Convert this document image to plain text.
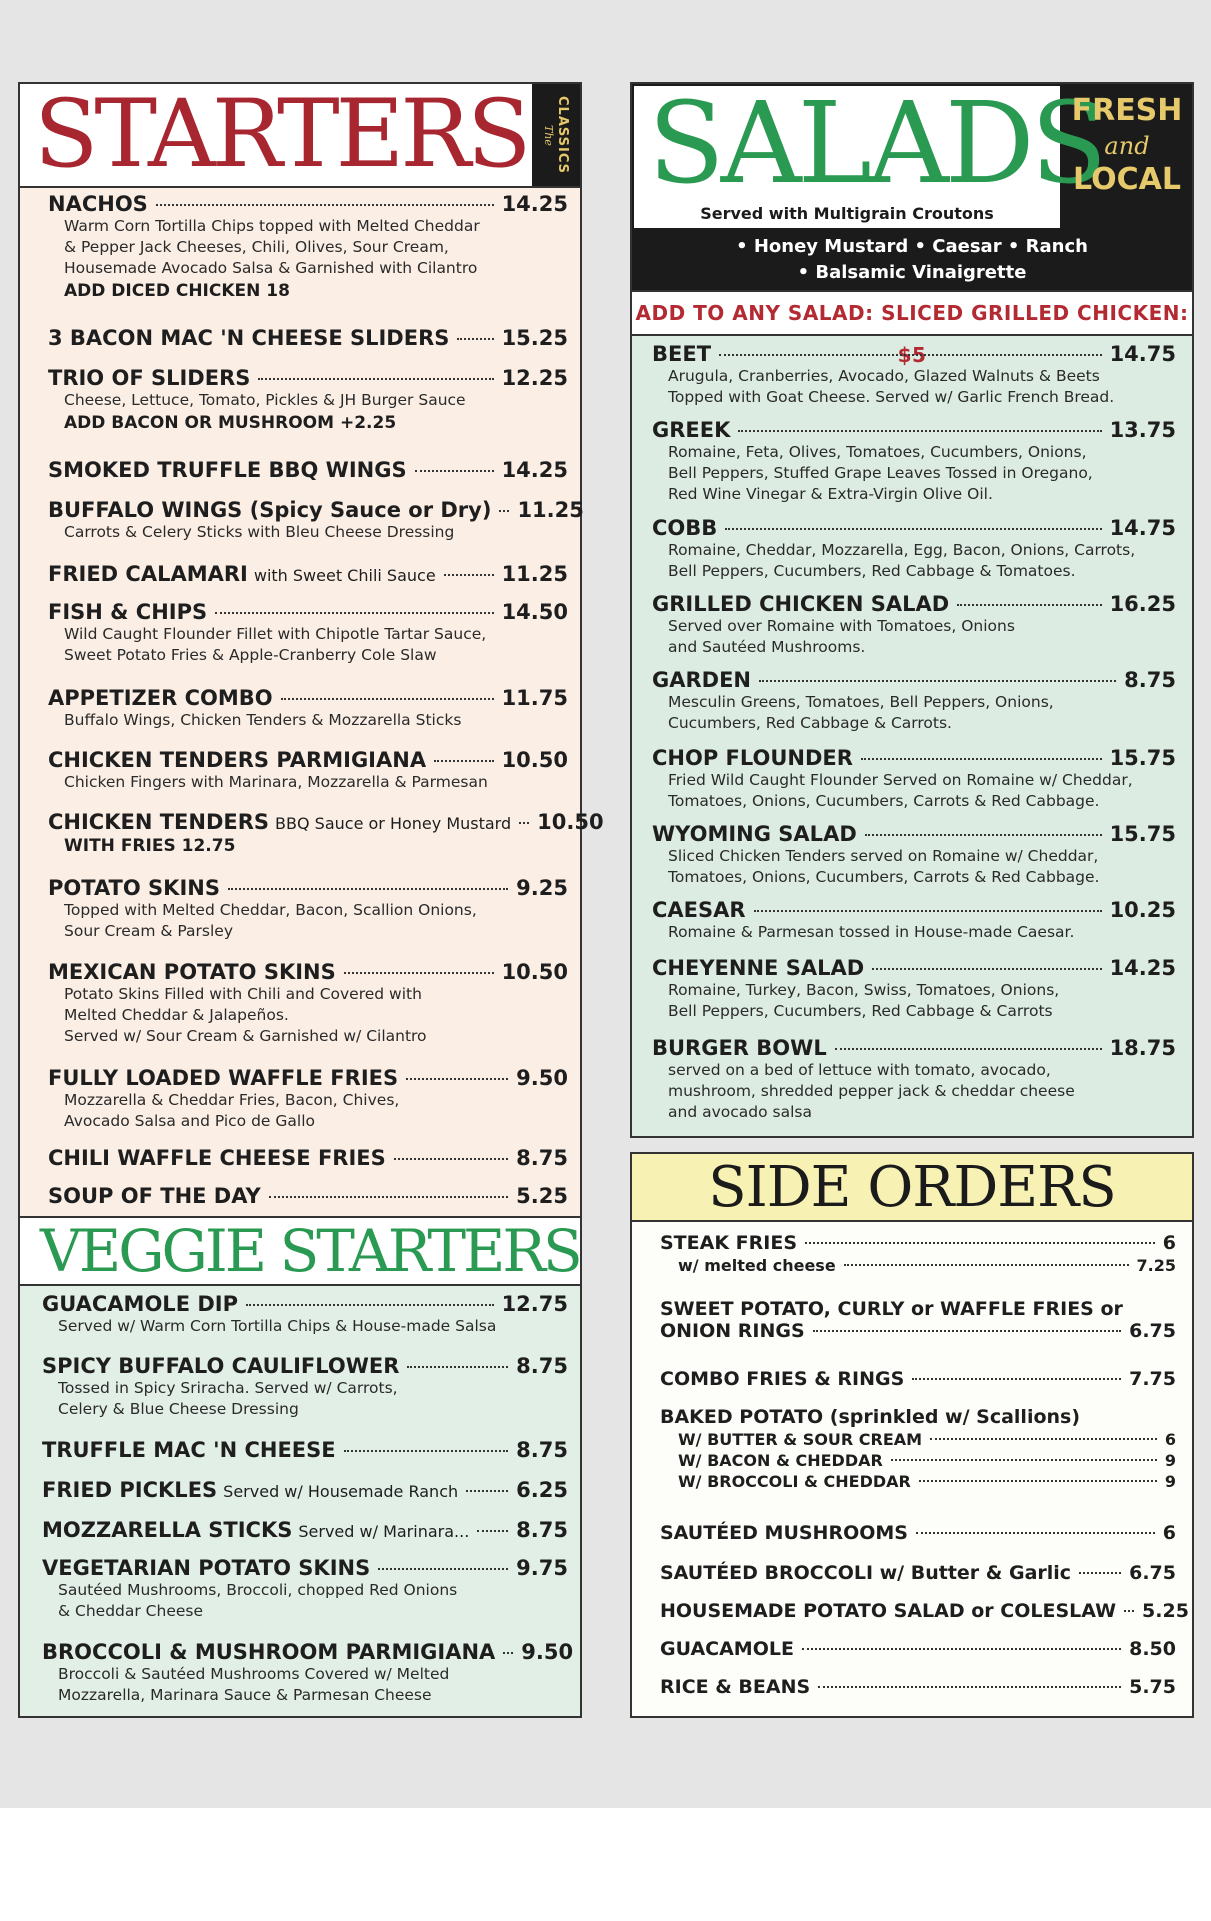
STARTERS The CLASSICS
NACHOS	14.25
Warm Corn Tortilla Chips topped with Melted Cheddar
& Pepper Jack Cheeses, Chili, Olives, Sour Cream,
Housemade Avocado Salsa & Garnished with Cilantro
ADD DICED CHICKEN 18
3 BACON MAC 'N CHEESE SLIDERS 15.25
TRIO OF SLIDERS	12.25
Cheese, Lettuce, Tomato, Pickles & JH Burger Sauce
ADD BACON OR MUSHROOM +2.25
SMOKED TRUFFLE BBQ WINGS	14.25
BUFFALO WINGS (Spicy Sauce or Dry) 11.25
Carrots & Celery Sticks with Bleu Cheese Dressing
FRIED CALAMARI with Sweet Chili Sauce	11.25
FISH & CHIPS	14.50
Wild Caught Flounder Fillet with Chipotle Tartar Sauce,
Sweet Potato Fries & Apple-Cranberry Cole Slaw
APPETIZER COMBO	11.75
Buffalo Wings, Chicken Tenders & Mozzarella Sticks
CHICKEN TENDERS PARMIGIANA	10.50
Chicken Fingers with Marinara, Mozzarella & Parmesan
CHICKEN TENDERS BBQ Sauce or Honey Mustard 10.50
WITH FRIES 12.75
POTATO SKINS	9.25
Topped with Melted Cheddar, Bacon, Scallion Onions,
Sour Cream & Parsley
MEXICAN POTATO SKINS	10.50
Potato Skins Filled with Chili and Covered with
Melted Cheddar & Jalapeños.
Served w/ Sour Cream & Garnished w/ Cilantro
FULLY LOADED WAFFLE FRIES	9.50
Mozzarella & Cheddar Fries, Bacon, Chives,
Avocado Salsa and Pico de Gallo
CHILI WAFFLE CHEESE FRIES	8.75
SOUP OF THE DAY	5.25
VEGGIE STARTERS
GUACAMOLE DIP	12.75
Served w/ Warm Corn Tortilla Chips & House-made Salsa
SPICY BUFFALO CAULIFLOWER	8.75
Tossed in Spicy Sriracha. Served w/ Carrots,
Celery & Blue Cheese Dressing
TRUFFLE MAC 'N CHEESE	8.75
FRIED PICKLES Served w/ Housemade Ranch	6.25
MOZZARELLA STICKS Served w/ Marinara... 8.75
VEGETARIAN POTATO SKINS	9.75
Sautéed Mushrooms, Broccoli, chopped Red Onions
& Cheddar Cheese
BROCCOLI & MUSHROOM PARMIGIANA 9.50
Broccoli & Sautéed Mushrooms Covered w/ Melted
Mozzarella, Marinara Sauce & Parmesan Cheese
SALADS
Served with Multigrain Croutons
FRESH
and
LOCAL
• Honey Mustard • Caesar • Ranch
• Balsamic Vinaigrette
ADD TO ANY SALAD: SLICED GRILLED CHICKEN: $5
BEET	14.75
Arugula, Cranberries, Avocado, Glazed Walnuts & Beets
Topped with Goat Cheese. Served w/ Garlic French Bread.
GREEK	13.75
Romaine, Feta, Olives, Tomatoes, Cucumbers, Onions,
Bell Peppers, Stuffed Grape Leaves Tossed in Oregano,
Red Wine Vinegar & Extra-Virgin Olive Oil.
COBB	14.75
Romaine, Cheddar, Mozzarella, Egg, Bacon, Onions, Carrots,
Bell Peppers, Cucumbers, Red Cabbage & Tomatoes.
GRILLED CHICKEN SALAD	16.25
Served over Romaine with Tomatoes, Onions
and Sautéed Mushrooms.
GARDEN	8.75
Mesculin Greens, Tomatoes, Bell Peppers, Onions,
Cucumbers, Red Cabbage & Carrots.
CHOP FLOUNDER	15.75
Fried Wild Caught Flounder Served on Romaine w/ Cheddar,
Tomatoes, Onions, Cucumbers, Carrots & Red Cabbage.
WYOMING SALAD	15.75
Sliced Chicken Tenders served on Romaine w/ Cheddar,
Tomatoes, Onions, Cucumbers, Carrots & Red Cabbage.
CAESAR	10.25
Romaine & Parmesan tossed in House-made Caesar.
CHEYENNE SALAD	14.25
Romaine, Turkey, Bacon, Swiss, Tomatoes, Onions,
Bell Peppers, Cucumbers, Red Cabbage & Carrots
BURGER BOWL	18.75
served on a bed of lettuce with tomato, avocado,
mushroom, shredded pepper jack & cheddar cheese
and avocado salsa
SIDE ORDERS
STEAK FRIES	6
w/ melted cheese	7.25
SWEET POTATO, CURLY or WAFFLE FRIES or
ONION RINGS	6.75
COMBO FRIES & RINGS	7.75
BAKED POTATO (sprinkled w/ Scallions)
W/ BUTTER & SOUR CREAM	6
W/ BACON & CHEDDAR	9
W/ BROCCOLI & CHEDDAR	9
SAUTÉED MUSHROOMS	6
SAUTÉED BROCCOLI w/ Butter & Garlic	6.75
HOUSEMADE POTATO SALAD or COLESLAW 5.25
GUACAMOLE	8.50
RICE & BEANS	5.75
